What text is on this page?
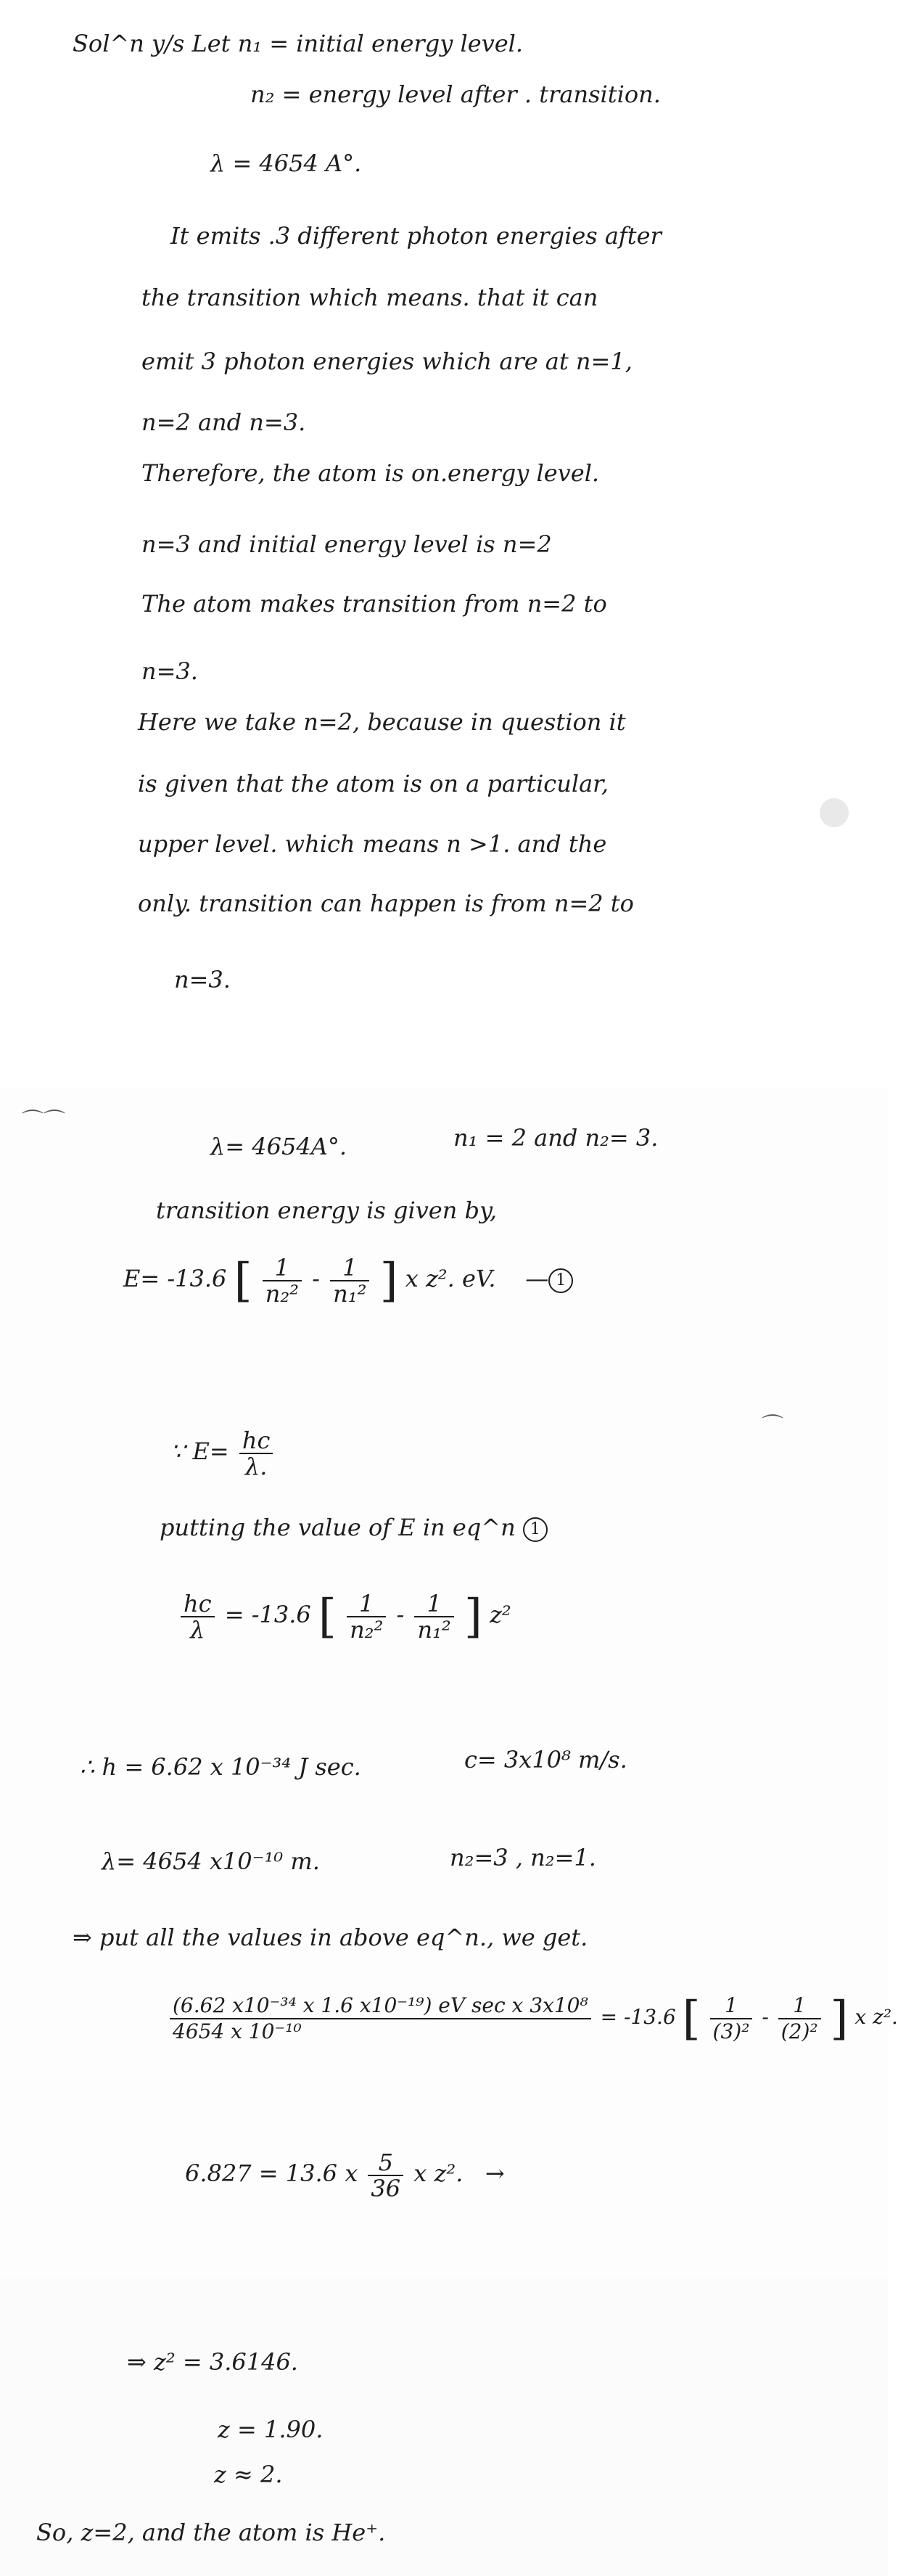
Sol^n y/s Let n₁ = initial energy level.
n₂ = energy level after . transition.
λ = 4654 A°.
It emits .3 different photon energies after
the transition which means. that it can
emit 3 photon energies which are at n=1,
n=2 and n=3.
Therefore, the atom is on.energy level.
n=3 and initial energy level is n=2
The atom makes transition from n=2 to
n=3.
Here we take n=2, because in question it
is given that the atom is on a particular,
upper level. which means n >1. and the
only. transition can happen is from n=2 to
n=3.
⌒⌒
λ= 4654A°.	n₁ = 2 and n₂= 3.
transition energy is given by,
E= -13.6 [ $\frac{1}{\text{n₂²}} - \frac{1}{\text{n₁²}}$ ] x z². eV. — 1
∵ $E= \frac{hc}{\lambda.}$
putting the value of E in eq^n 1
$\frac{hc}{\lambda} = -13.6$ [ $\frac{1}{\text{n₂²}} - \frac{1}{\text{n₁²}}$ ] z²
∴ h = 6.62 x 10⁻³⁴ J sec.	c= 3x10⁸ m/s.
λ= 4654 x10⁻¹⁰ m.	n₂=3 , n₂=1.
⇒ put all the values in above eq^n., we get.
$\frac{\text{(6.62 x10⁻³⁴ x 1.6 x10⁻¹⁹) eV sec x 3x10⁸}}{\text{4654 x 10⁻¹⁰}} = -13.6$ [ $\frac{1}{\text{(3)²}} - \frac{1}{\text{(2)²}}$ ] x z².
6.827 = 13.6 x $\frac{5}{36}$ x z². →
⌒
⇒ z² = 3.6146.
z = 1.90.
z ≈ 2.
So, z=2, and the atom is He⁺.
